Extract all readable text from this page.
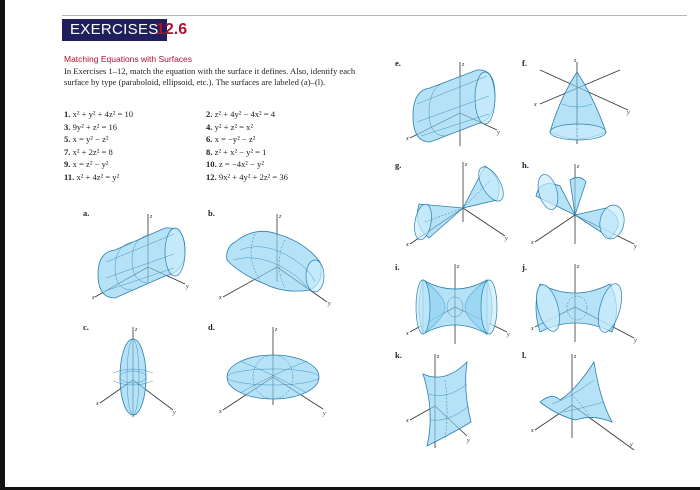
EXERCISES
12.6
Matching Equations with Surfaces
In Exercises 1–12, match the equation with the surface it defines. Also, identify each surface by type (paraboloid, ellipsoid, etc.). The surfaces are labeled (a)–(l).
1. x² + y² + 4z² = 10	2. z² + 4y² − 4x² = 4
3. 9y² + z² = 16	4. y² + z² = x²
5. x = y² − z²	6. x = −y² − z²
7. x² + 2z² = 8	8. z² + x² − y² = 1
9. x = z² − y²	10. z = −4x² − y²
11. x² + 4z² = y²	12. 9x² + 4y² + 2z² = 36
a.	z
x
y
b.	z
x
y
c.	z
x
y
d.	z
x	y
e.	z
x
y
f.	z
x
y
g.	z
x
y
h.	z
x
y
i.	z
x	y
j.	z
x
y
k.	z
x
y
l.	z
x
y
